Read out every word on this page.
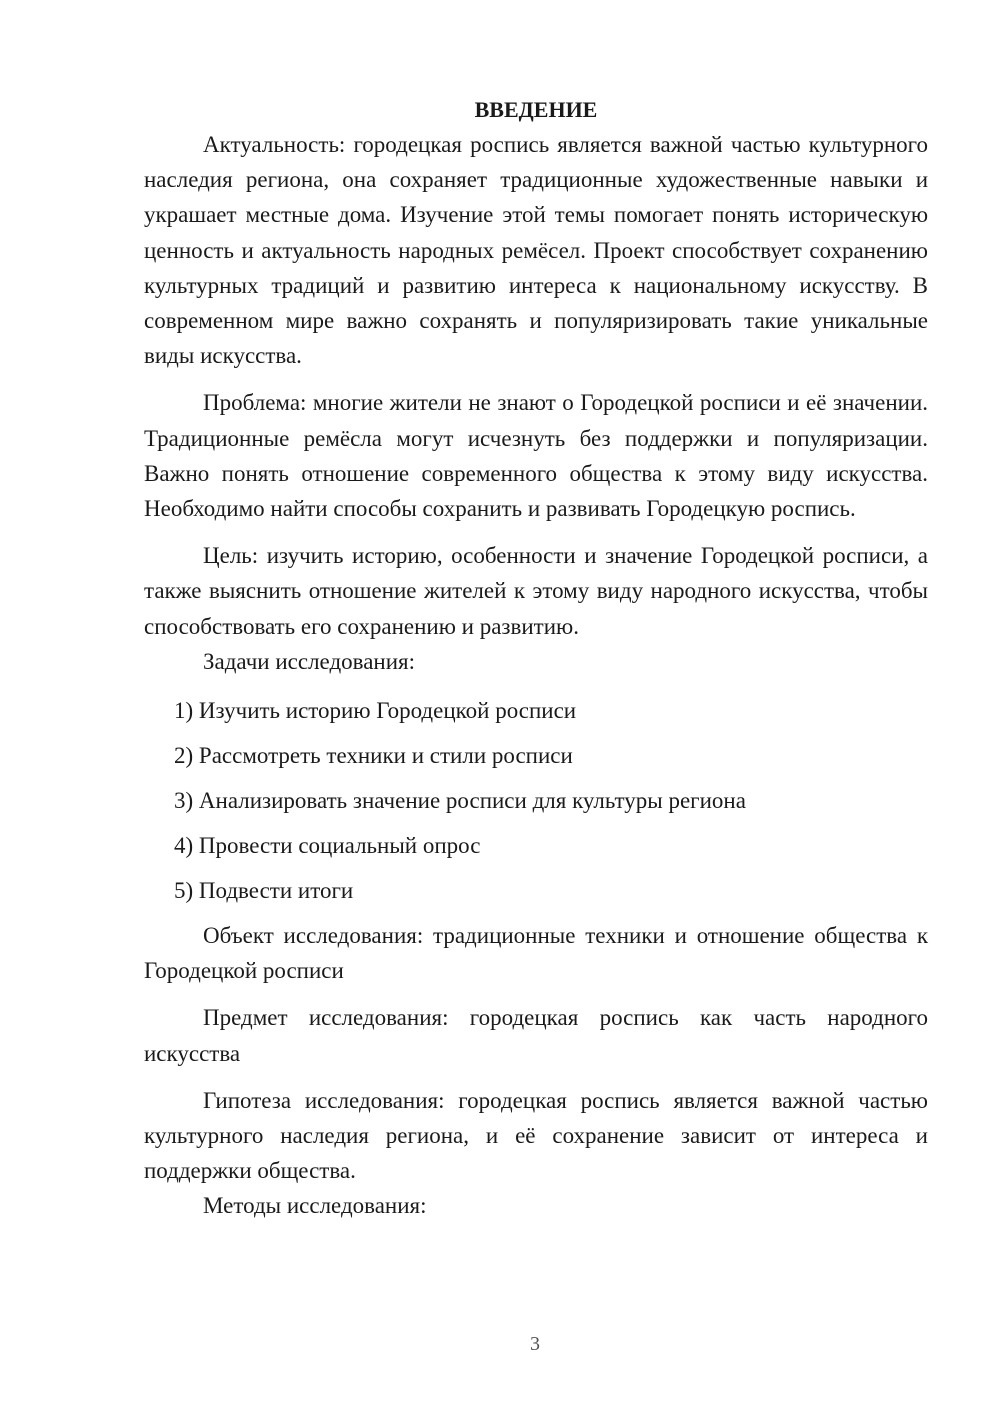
ВВЕДЕНИЕ

Актуальность: городецкая роспись является важной частью культурного наследия региона, она сохраняет традиционные художественные навыки и украшает местные дома. Изучение этой темы помогает понять историческую ценность и актуальность народных ремёсел. Проект способствует сохранению культурных традиций и развитию интереса к национальному искусству. В современном мире важно сохранять и популяризировать такие уникальные виды искусства.

Проблема: многие жители не знают о Городецкой росписи и её значении. Традиционные ремёсла могут исчезнуть без поддержки и популяризации. Важно понять отношение современного общества к этому виду искусства. Необходимо найти способы сохранить и развивать Городецкую роспись.

Цель: изучить историю, особенности и значение Городецкой росписи, а также выяснить отношение жителей к этому виду народного искусства, чтобы способствовать его сохранению и развитию.

Задачи исследования:

1) Изучить историю Городецкой росписи
2) Рассмотреть техники и стили росписи
3) Анализировать значение росписи для культуры региона
4) Провести социальный опрос
5) Подвести итоги

Объект исследования: традиционные техники и отношение общества к Городецкой росписи

Предмет исследования: городецкая роспись как часть народного искусства

Гипотеза исследования: городецкая роспись является важной частью культурного наследия региона, и её сохранение зависит от интереса и поддержки общества.

Методы исследования:

3
